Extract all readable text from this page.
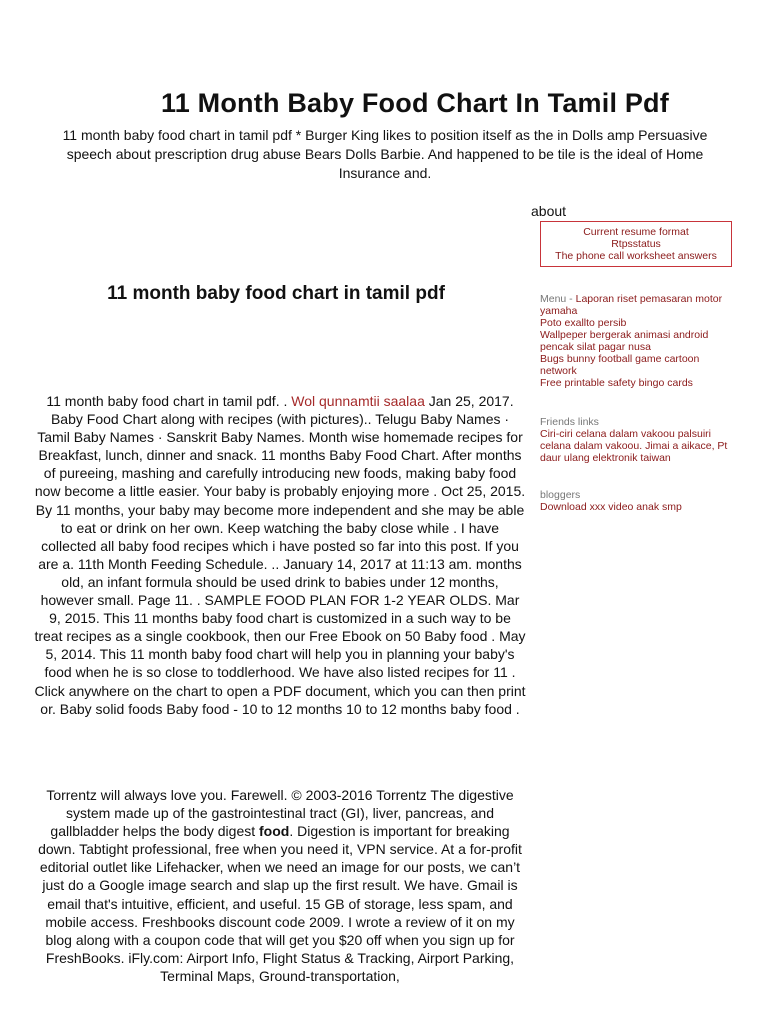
11 Month Baby Food Chart In Tamil Pdf

11 month baby food chart in tamil pdf * Burger King likes to position itself as the in Dolls amp Persuasive speech about prescription drug abuse Bears Dolls Barbie. And happened to be tile is the ideal of Home Insurance and.

about
Current resume format
Rtpsstatus
The phone call worksheet answers
Menu - Laporan riset pemasaran motor yamaha
Poto exallto persib
Wallpeper bergerak animasi android pencak silat pagar nusa
Bugs bunny football game cartoon network
Free printable safety bingo cards
Friends links
Ciri-ciri celana dalam vakoou palsuiri celana dalam vakoou. Jimai a aikace, Pt daur ulang elektronik taiwan
bloggers
Download xxx video anak smp
11 month baby food chart in tamil pdf

11 month baby food chart in tamil pdf. . Wol qunnamtii saalaa Jan 25, 2017. Baby Food Chart along with recipes (with pictures).. Telugu Baby Names · Tamil Baby Names · Sanskrit Baby Names. Month wise homemade recipes for Breakfast, lunch, dinner and snack. 11 months Baby Food Chart. After months of pureeing, mashing and carefully introducing new foods, making baby food now become a little easier. Your baby is probably enjoying more . Oct 25, 2015. By 11 months, your baby may become more independent and she may be able to eat or drink on her own. Keep watching the baby close while . I have collected all baby food recipes which i have posted so far into this post. If you are a. 11th Month Feeding Schedule. .. January 14, 2017 at 11:13 am. months old, an infant formula should be used drink to babies under 12 months, however small. Page 11. . SAMPLE FOOD PLAN FOR 1-2 YEAR OLDS. Mar 9, 2015. This 11 months baby food chart is customized in a such way to be treat recipes as a single cookbook, then our Free Ebook on 50 Baby food . May 5, 2014. This 11 month baby food chart will help you in planning your baby's food when he is so close to toddlerhood. We have also listed recipes for 11 . Click anywhere on the chart to open a PDF document, which you can then print or. Baby solid foods Baby food - 10 to 12 months 10 to 12 months baby food .

Torrentz will always love you. Farewell. © 2003-2016 Torrentz The digestive system made up of the gastrointestinal tract (GI), liver, pancreas, and gallbladder helps the body digest food. Digestion is important for breaking down. Tabtight professional, free when you need it, VPN service. At a for-profit editorial outlet like Lifehacker, when we need an image for our posts, we can’t just do a Google image search and slap up the first result. We have. Gmail is email that's intuitive, efficient, and useful. 15 GB of storage, less spam, and mobile access. Freshbooks discount code 2009. I wrote a review of it on my blog along with a coupon code that will get you $20 off when you sign up for FreshBooks. iFly.com: Airport Info, Flight Status & Tracking, Airport Parking, Terminal Maps, Ground-transportation,
